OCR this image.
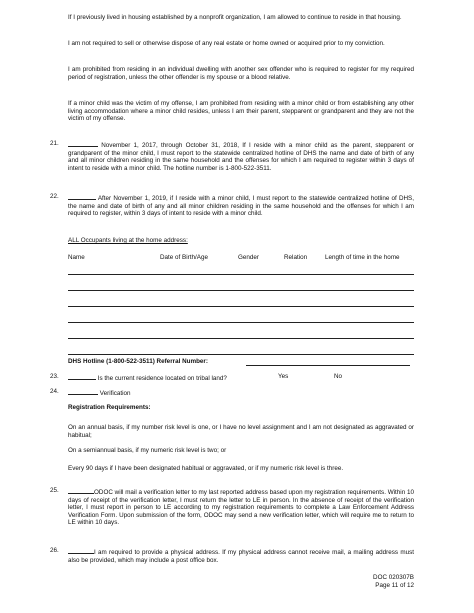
If I previously lived in housing established by a nonprofit organization, I am allowed to continue to reside in that housing.
I am not required to sell or otherwise dispose of any real estate or home owned or acquired prior to my conviction.
I am prohibited from residing in an individual dwelling with another sex offender who is required to register for my required period of registration, unless the other offender is my spouse or a blood relative.
If a minor child was the victim of my offense, I am prohibited from residing with a minor child or from establishing any other living accommodation where a minor child resides, unless I am their parent, stepparent or grandparent and they are not the victim of my offense.
21.	November 1, 2017, through October 31, 2018, If I reside with a minor child as the parent, stepparent or grandparent of the minor child, I must report to the statewide centralized hotline of DHS the name and date of birth of any and all minor children residing in the same household and the offenses for which I am required to register within 3 days of intent to reside with a minor child. The hotline number is 1-800-522-3511.
22.	After November 1, 2019, if I reside with a minor child, I must report to the statewide centralized hotline of DHS, the name and date of birth of any and all minor children residing in the same household and the offenses for which I am required to register, within 3 days of intent to reside with a minor child.
ALL Occupants living at the home address:
Name	Date of Birth/Age	Gender	Relation	Length of time in the home
DHS Hotline (1-800-522-3511) Referral Number:
23.	Is the current residence located on tribal land?	Yes	No
24.	Verification
Registration Requirements:
On an annual basis, if my number risk level is one, or I have no level assignment and I am not designated as aggravated or habitual;
On a semiannual basis, if my numeric risk level is two; or
Every 90 days if I have been designated habitual or aggravated, or if my numeric risk level is three.
25.	ODOC will mail a verification letter to my last reported address based upon my registration requirements. Within 10 days of receipt of the verification letter, I must return the letter to LE in person. In the absence of receipt of the verification letter, I must report in person to LE according to my registration requirements to complete a Law Enforcement Address Verification Form. Upon submission of the form, ODOC may send a new verification letter, which will require me to return to LE within 10 days.
26.	I am required to provide a physical address. If my physical address cannot receive mail, a mailing address must also be provided, which may include a post office box.
DOC 020307B
Page 11 of 12
